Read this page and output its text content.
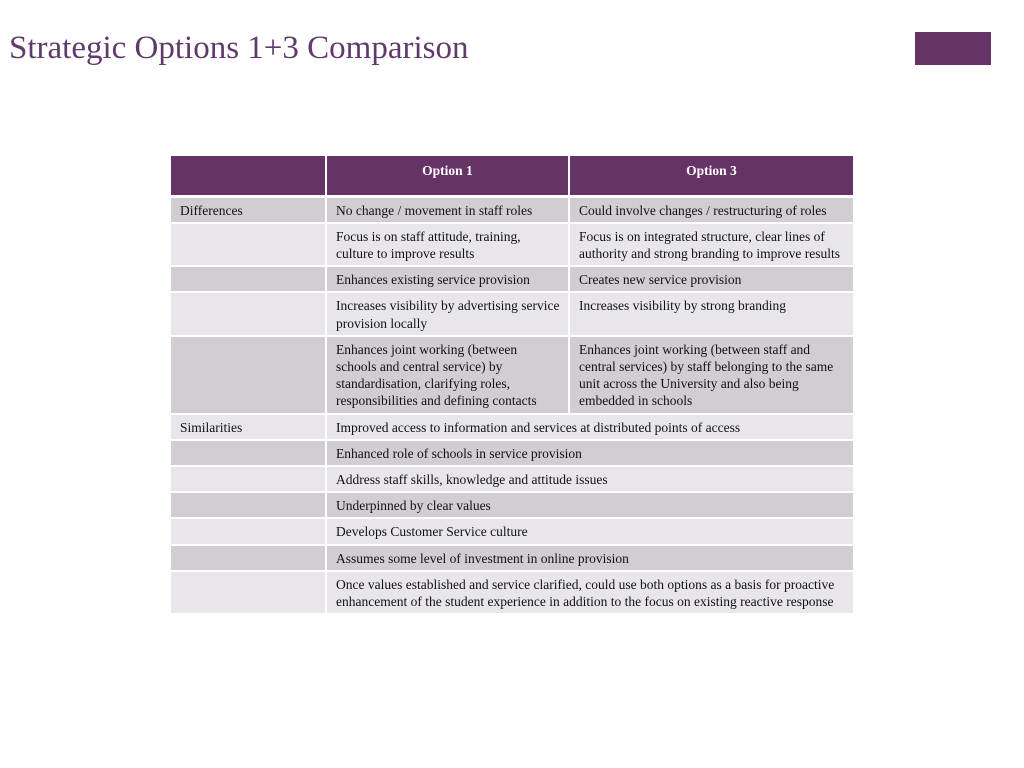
Strategic Options 1+3 Comparison
	Option 1	Option 3
Differences	No change / movement in staff roles	Could involve changes / restructuring of roles
	Focus is on staff attitude, training, culture to improve results	Focus is on integrated structure, clear lines of authority and strong branding to improve results
	Enhances existing service provision	Creates new service provision
	Increases visibility by advertising service provision locally	Increases visibility by strong branding
	Enhances joint working (between schools and central service) by standardisation, clarifying roles, responsibilities and defining contacts	Enhances joint working (between staff and central services) by staff belonging to the same unit across the University and also being embedded in schools
Similarities	Improved access to information and services at distributed points of access	
	Enhanced role of schools in service provision	
	Address staff skills, knowledge and attitude issues	
	Underpinned by clear values	
	Develops Customer Service culture	
	Assumes some level of investment in online provision	
	Once values established and service clarified, could use both options as a basis for proactive enhancement of the student experience in addition to the focus on existing reactive response	
